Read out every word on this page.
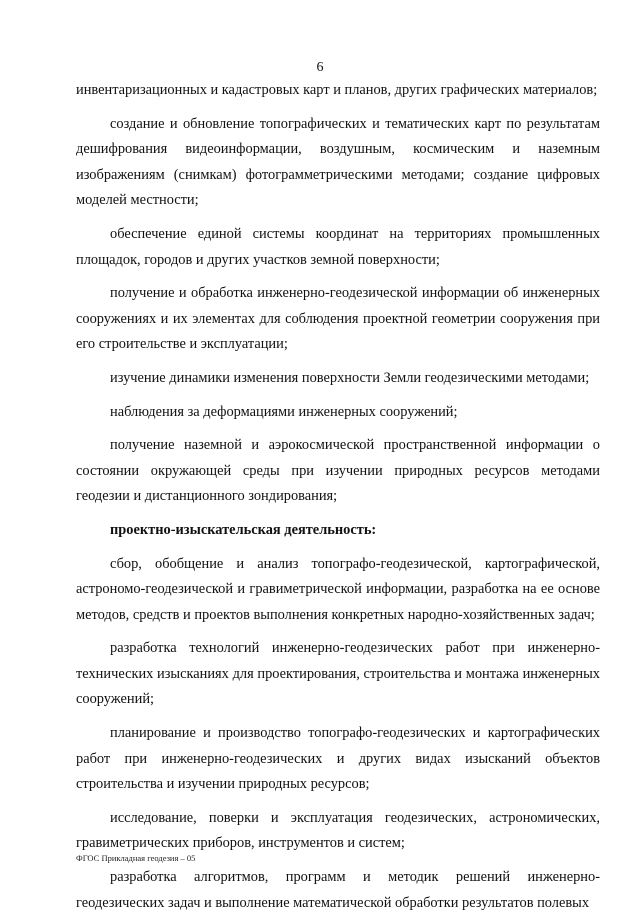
6

инвентаризационных и кадастровых карт и планов, других графических материалов;

создание и обновление топографических и тематических карт по результатам дешифрования видеоинформации, воздушным, космическим и наземным изображениям (снимкам) фотограмметрическими методами; создание цифровых моделей местности;

обеспечение единой системы координат на территориях промышленных площадок, городов и других участков земной поверхности;

получение и обработка инженерно-геодезической информации об инженерных сооружениях и их элементах для соблюдения проектной геометрии сооружения при его строительстве и эксплуатации;

изучение динамики изменения поверхности Земли геодезическими методами;

наблюдения за деформациями инженерных сооружений;

получение наземной и аэрокосмической пространственной информации о состоянии окружающей среды при изучении природных ресурсов методами геодезии и дистанционного зондирования;

проектно-изыскательская деятельность:

сбор, обобщение и анализ топографо-геодезической, картографической, астрономо-геодезической и гравиметрической информации, разработка на ее основе методов, средств и проектов выполнения конкретных народно-хозяйственных задач;

разработка технологий инженерно-геодезических работ при инженерно-технических изысканиях для проектирования, строительства и монтажа инженерных сооружений;

планирование и производство топографо-геодезических и картографических работ при инженерно-геодезических и других видах изысканий объектов строительства и изучении природных ресурсов;

исследование, поверки и эксплуатация геодезических, астрономических, гравиметрических приборов, инструментов и систем;

разработка алгоритмов, программ и методик решений инженерно-геодезических задач и выполнение математической обработки результатов полевых

ФГОС Прикладная геодезия – 05
